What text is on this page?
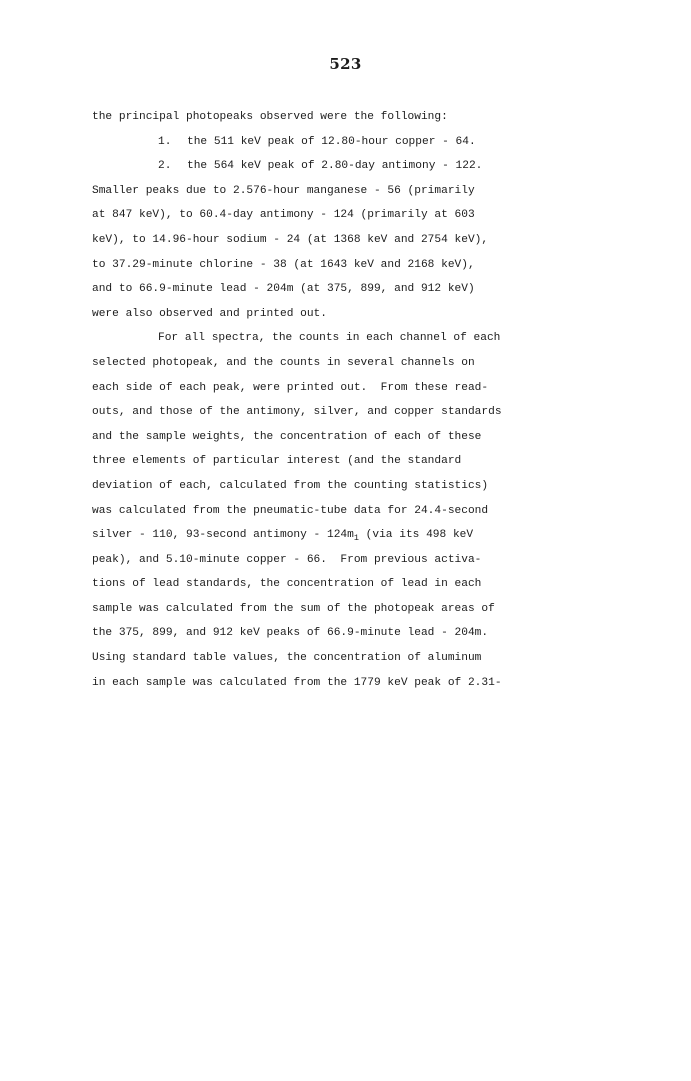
523
the principal photopeaks observed were the following:
1. the 511 keV peak of 12.80-hour copper - 64.
2. the 564 keV peak of 2.80-day antimony - 122.
Smaller peaks due to 2.576-hour manganese - 56 (primarily
at 847 keV), to 60.4-day antimony - 124 (primarily at 603
keV), to 14.96-hour sodium - 24 (at 1368 keV and 2754 keV),
to 37.29-minute chlorine - 38 (at 1643 keV and 2168 keV),
and to 66.9-minute lead - 204m (at 375, 899, and 912 keV)
were also observed and printed out.
For all spectra, the counts in each channel of each
selected photopeak, and the counts in several channels on
each side of each peak, were printed out.  From these read-
outs, and those of the antimony, silver, and copper standards
and the sample weights, the concentration of each of these
three elements of particular interest (and the standard
deviation of each, calculated from the counting statistics)
was calculated from the pneumatic-tube data for 24.4-second
silver - 110, 93-second antimony - $124m_1$ (via its 498 keV
peak), and 5.10-minute copper - 66.  From previous activa-
tions of lead standards, the concentration of lead in each
sample was calculated from the sum of the photopeak areas of
the 375, 899, and 912 keV peaks of 66.9-minute lead - 204m.
Using standard table values, the concentration of aluminum
in each sample was calculated from the 1779 keV peak of 2.31-
